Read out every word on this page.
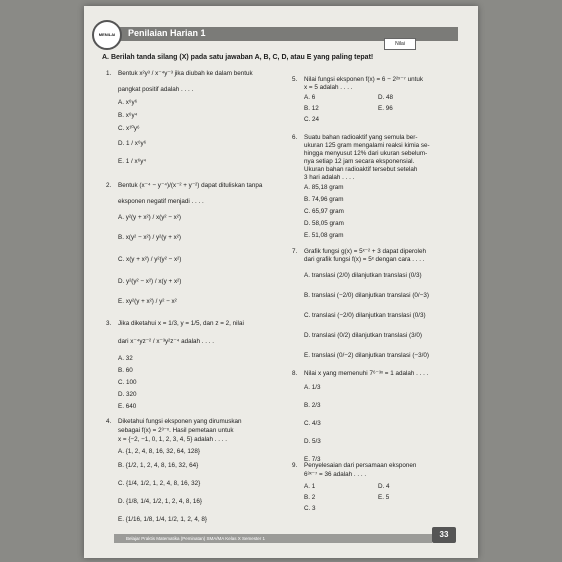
Penilaian Harian 1
MENILAI
Nilai
A. Berilah tanda silang (X) pada satu jawaban A, B, C, D, atau E yang paling tepat!
1. Bentuk x²y³ / x⁻⁴y⁻³ jika diubah ke dalam bentuk
pangkat positif adalah . . . .
A. x⁶y⁶
B. x⁶y⁴
C. x¹⁰y⁶
D. 1 / x⁶y⁶
E. 1 / x⁶y⁴
2. Bentuk (x⁻⁴ − y⁻⁴)/(x⁻² + y⁻²) dapat dituliskan tanpa
eksponen negatif menjadi . . . .
A. y²(y + x²) / x(y² − x²)
B. x(y² − x²) / y²(y + x²)
C. x(y + x²) / y²(y² − x²)
D. y²(y² − x²) / x(y + x²)
E. xy²(y + x²) / y² − x²
3. Jika diketahui x = 1/3, y = 1/5, dan z = 2, nilai
dari x⁻⁴yz⁻² / x⁻³y²z⁻⁴ adalah . . . .
A. 32
B. 60
C. 100
D. 320
E. 640
4. Diketahui fungsi eksponen yang dirumuskan
sebagai f(x) = 2³⁻ˣ. Hasil pemetaan untuk
x = {−2, −1, 0, 1, 2, 3, 4, 5} adalah . . . .
A. {1, 2, 4, 8, 16, 32, 64, 128}
B. {1/2, 1, 2, 4, 8, 16, 32, 64}
C. {1/4, 1/2, 1, 2, 4, 8, 16, 32}
D. {1/8, 1/4, 1/2, 1, 2, 4, 8, 16}
E. {1/16, 1/8, 1/4, 1/2, 1, 2, 4, 8}
5. Nilai fungsi eksponen f(x) = 6 − 2²ˣ⁻⁷ untuk
x = 5 adalah . . . .
A. 6	D. 48
B. 12	E. 96
C. 24
6. Suatu bahan radioaktif yang semula ber-
ukuran 125 gram mengalami reaksi kimia se-
hingga menyusut 12% dari ukuran sebelum-
nya setiap 12 jam secara eksponensial.
Ukuran bahan radioaktif tersebut setelah
3 hari adalah . . . .
A. 85,18 gram
B. 74,96 gram
C. 65,97 gram
D. 58,05 gram
E. 51,08 gram
7. Grafik fungsi g(x) = 5ˣ⁻² + 3 dapat diperoleh
dari grafik fungsi f(x) = 5ˣ dengan cara . . . .
A. translasi (2/0) dilanjutkan translasi (0/3)
B. translasi (−2/0) dilanjutkan translasi (0/−3)
C. translasi (−2/0) dilanjutkan translasi (0/3)
D. translasi (0/2) dilanjutkan translasi (3/0)
E. translasi (0/−2) dilanjutkan translasi (−3/0)
8. Nilai x yang memenuhi 7⁶⁻³ˣ = 1 adalah . . . .
A. 1/3
B. 2/3
C. 4/3
D. 5/3
E. 7/3
9. Penyelesaian dari persamaan eksponen
6³ˣ⁻⁷ = 36 adalah . . . .
A. 1	D. 4
B. 2	E. 5
C. 3
Belajar Praktis Matematika (Peminatan) SMA/MA Kelas X Semester 1	33
